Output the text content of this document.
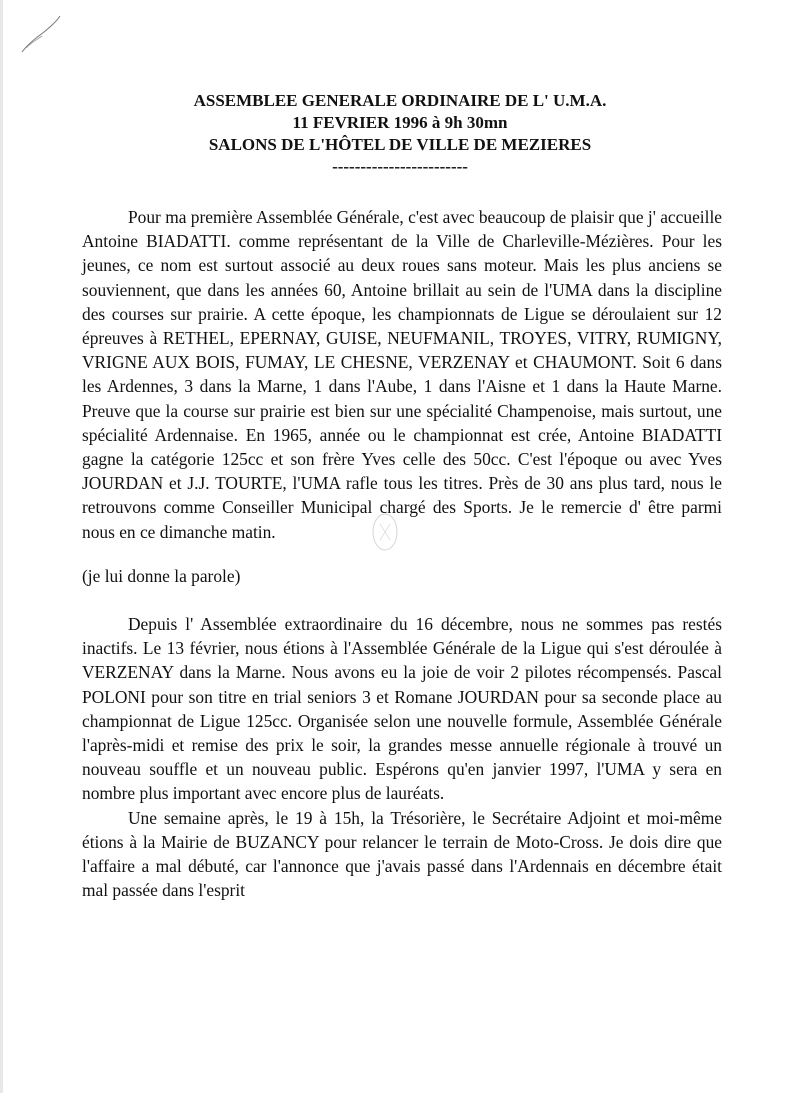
ASSEMBLEE GENERALE ORDINAIRE DE L' U.M.A.
11 FEVRIER 1996 à 9h 30mn
SALONS DE L'HÔTEL DE VILLE DE MEZIERES
------------------------

Pour ma première Assemblée Générale, c'est avec beaucoup de plaisir que j' accueille Antoine BIADATTI. comme représentant de la Ville de Charleville-Mézières. Pour les jeunes, ce nom est surtout associé au deux roues sans moteur. Mais les plus anciens se souviennent, que dans les années 60, Antoine brillait au sein de l'UMA dans la discipline des courses sur prairie. A cette époque, les championnats de Ligue se déroulaient sur 12 épreuves à RETHEL, EPERNAY, GUISE, NEUFMANIL, TROYES, VITRY, RUMIGNY, VRIGNE AUX BOIS, FUMAY, LE CHESNE, VERZENAY et CHAUMONT. Soit 6 dans les Ardennes, 3 dans la Marne, 1 dans l'Aube, 1 dans l'Aisne et 1 dans la Haute Marne. Preuve que la course sur prairie est bien sur une spécialité Champenoise, mais surtout, une spécialité Ardennaise. En 1965, année ou le championnat est crée, Antoine BIADATTI gagne la catégorie 125cc et son frère Yves celle des 50cc. C'est l'époque ou avec Yves JOURDAN et J.J. TOURTE, l'UMA rafle tous les titres. Près de 30 ans plus tard, nous le retrouvons comme Conseiller Municipal chargé des Sports. Je le remercie d' être parmi nous en ce dimanche matin.

(je lui donne la parole)

Depuis l' Assemblée extraordinaire du 16 décembre, nous ne sommes pas restés inactifs. Le 13 février, nous étions à l'Assemblée Générale de la Ligue qui s'est déroulée à VERZENAY dans la Marne. Nous avons eu la joie de voir 2 pilotes récompensés. Pascal POLONI pour son titre en trial seniors 3 et Romane JOURDAN pour sa seconde place au championnat de Ligue 125cc. Organisée selon une nouvelle formule, Assemblée Générale l'après-midi et remise des prix le soir, la grandes messe annuelle régionale à trouvé un nouveau souffle et un nouveau public. Espérons qu'en janvier 1997, l'UMA y sera en nombre plus important avec encore plus de lauréats.

Une semaine après, le 19 à 15h, la Trésorière, le Secrétaire Adjoint et moi-même étions à la Mairie de BUZANCY pour relancer le terrain de Moto-Cross. Je dois dire que l'affaire a mal débuté, car l'annonce que j'avais passé dans l'Ardennais en décembre était mal passée dans l'esprit
